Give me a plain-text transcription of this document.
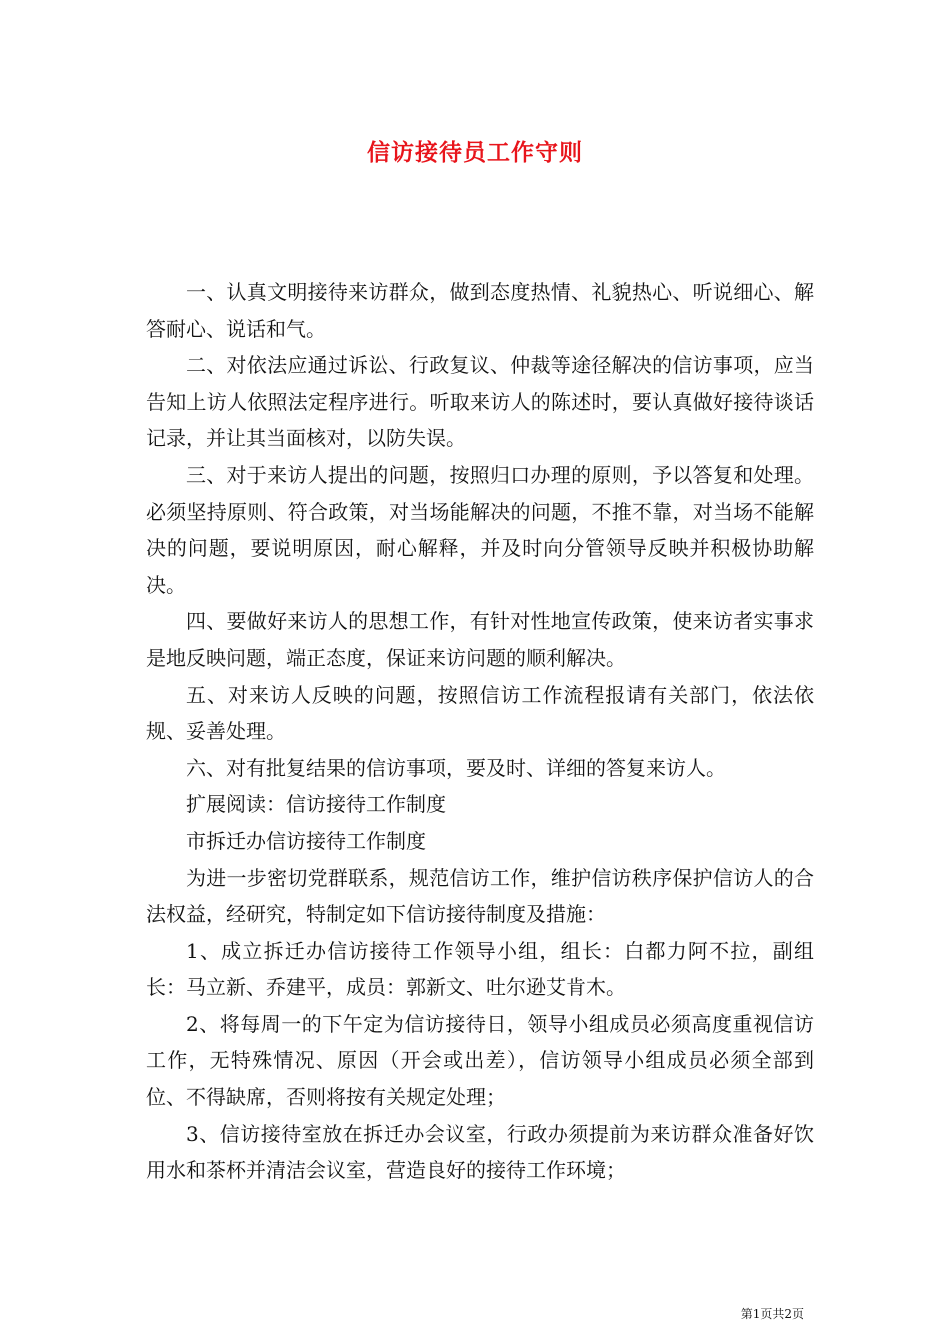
信访接待员工作守则

一、认真文明接待来访群众，做到态度热情、礼貌热心、听说细心、解答耐心、说话和气。

二、对依法应通过诉讼、行政复议、仲裁等途径解决的信访事项，应当告知上访人依照法定程序进行。听取来访人的陈述时，要认真做好接待谈话记录，并让其当面核对，以防失误。

三、对于来访人提出的问题，按照归口办理的原则，予以答复和处理。必须坚持原则、符合政策，对当场能解决的问题，不推不靠，对当场不能解决的问题，要说明原因，耐心解释，并及时向分管领导反映并积极协助解决。

四、要做好来访人的思想工作，有针对性地宣传政策，使来访者实事求是地反映问题，端正态度，保证来访问题的顺利解决。

五、对来访人反映的问题，按照信访工作流程报请有关部门，依法依规、妥善处理。

六、对有批复结果的信访事项，要及时、详细的答复来访人。

扩展阅读：信访接待工作制度

市拆迁办信访接待工作制度

为进一步密切党群联系，规范信访工作，维护信访秩序保护信访人的合法权益，经研究，特制定如下信访接待制度及措施：

1、成立拆迁办信访接待工作领导小组，组长：白都力阿不拉，副组长：马立新、乔建平，成员：郭新文、吐尔逊艾肯木。

2、将每周一的下午定为信访接待日，领导小组成员必须高度重视信访工作，无特殊情况、原因（开会或出差），信访领导小组成员必须全部到位、不得缺席，否则将按有关规定处理；

3、信访接待室放在拆迁办会议室，行政办须提前为来访群众准备好饮用水和茶杯并清洁会议室，营造良好的接待工作环境；

第1页共2页
